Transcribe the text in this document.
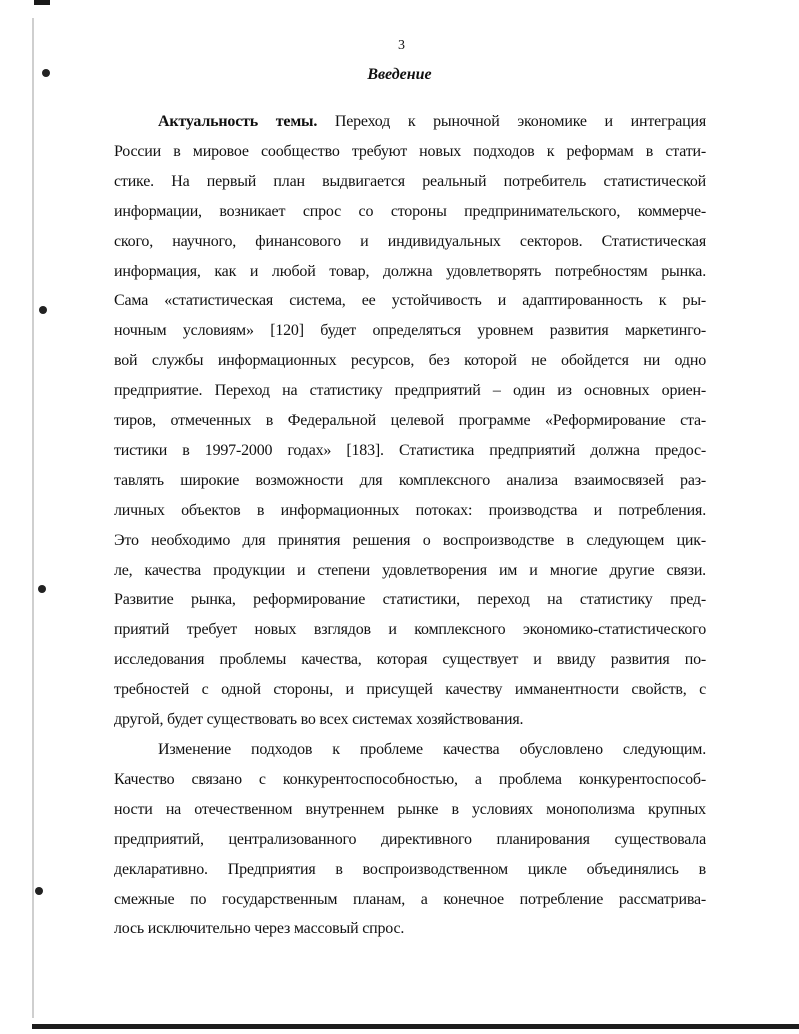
3
Введение
Актуальность темы. Переход к рыночной экономике и интеграция
России в мировое сообщество требуют новых подходов к реформам в стати-
стике. На первый план выдвигается реальный потребитель статистической
информации, возникает спрос со стороны предпринимательского, коммерче-
ского, научного, финансового и индивидуальных секторов. Статистическая
информация, как и любой товар, должна удовлетворять потребностям рынка.
Сама «статистическая система, ее устойчивость и адаптированность к ры-
ночным условиям» [120] будет определяться уровнем развития маркетинго-
вой службы информационных ресурсов, без которой не обойдется ни одно
предприятие. Переход на статистику предприятий – один из основных ориен-
тиров, отмеченных в Федеральной целевой программе «Реформирование ста-
тистики в 1997-2000 годах» [183]. Статистика предприятий должна предос-
тавлять широкие возможности для комплексного анализа взаимосвязей раз-
личных объектов в информационных потоках: производства и потребления.
Это необходимо для принятия решения о воспроизводстве в следующем цик-
ле, качества продукции и степени удовлетворения им и многие другие связи.
Развитие рынка, реформирование статистики, переход на статистику пред-
приятий требует новых взглядов и комплексного экономико-статистического
исследования проблемы качества, которая существует и ввиду развития по-
требностей с одной стороны, и присущей качеству имманентности свойств, с
другой, будет существовать во всех системах хозяйствования.
Изменение подходов к проблеме качества обусловлено следующим.
Качество связано с конкурентоспособностью, а проблема конкурентоспособ-
ности на отечественном внутреннем рынке в условиях монополизма крупных
предприятий, централизованного директивного планирования существовала
декларативно. Предприятия в воспроизводственном цикле объединялись в
смежные по государственным планам, а конечное потребление рассматрива-
лось исключительно через массовый спрос.
